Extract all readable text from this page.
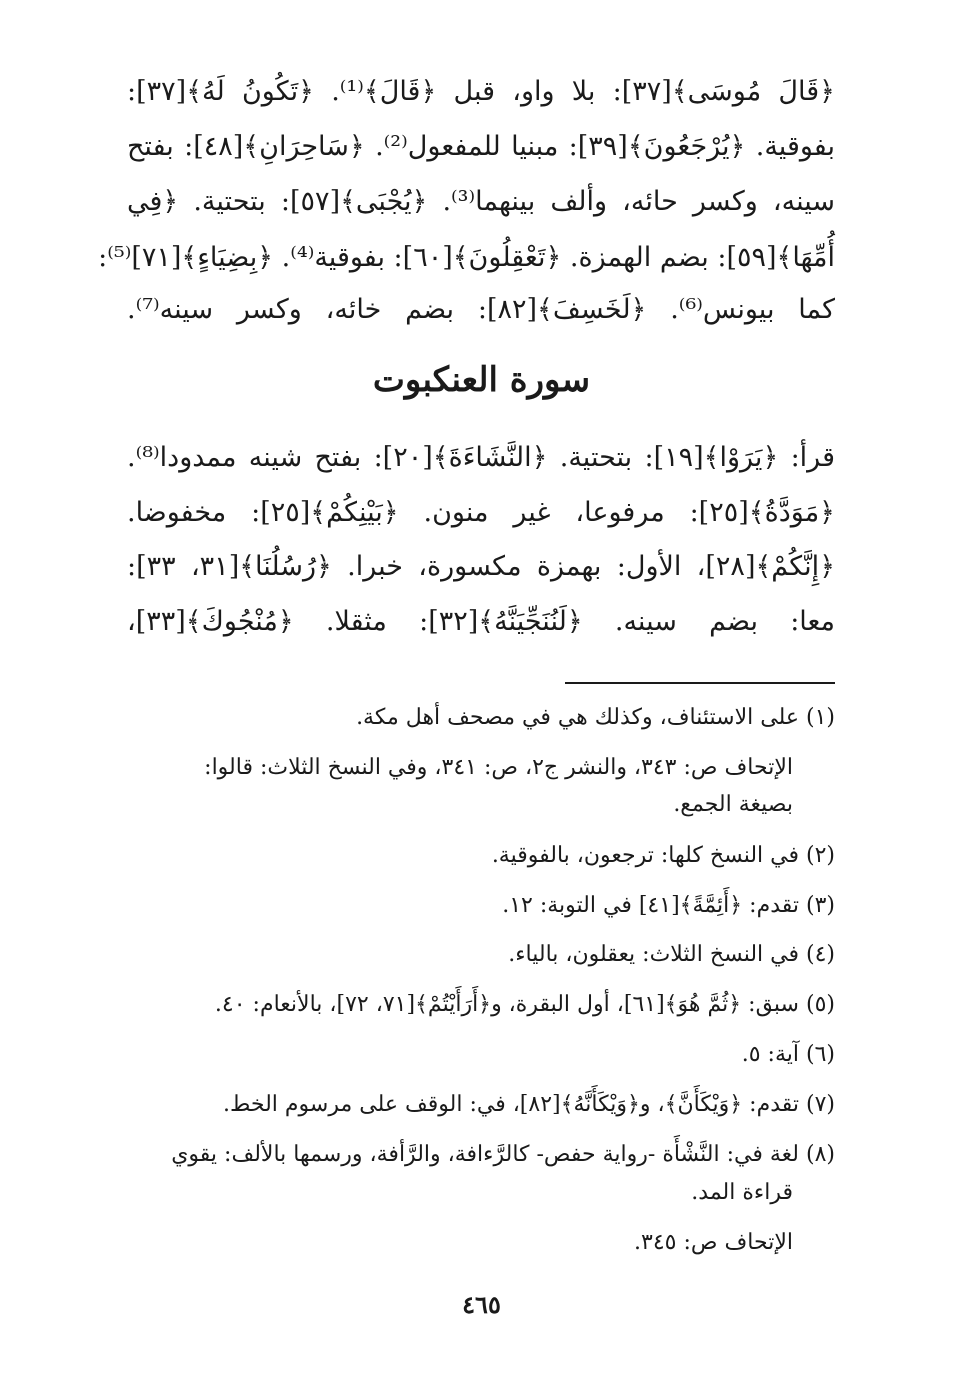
﴿قَالَ مُوسَى﴾[٣٧]: بلا واو، قبل ﴿قَالَ﴾⁽¹⁾. ﴿تَكُونُ لَهُ﴾[٣٧]:
بفوقية. ﴿يُرْجَعُونَ﴾[٣٩]: مبنيا للمفعول⁽²⁾. ﴿سَاحِرَانِ﴾[٤٨]: بفتح
سينه، وكسر حائه، وألف بينهما⁽³⁾. ﴿يُجْبَى﴾[٥٧]: بتحتية. ﴿فِي
أُمِّهَا﴾[٥٩]: بضم الهمزة. ﴿تَعْقِلُونَ﴾[٦٠]: بفوقية⁽⁴⁾. ﴿بِضِيَاءٍ﴾[٧١]⁽⁵⁾:
كما بيونس⁽⁶⁾. ﴿لَخَسِفَ﴾[٨٢]: بضم خائه، وكسر سينه⁽⁷⁾.
سورة العنكبوت
قرأ: ﴿يَرَوْا﴾[١٩]: بتحتية. ﴿النَّشَاءَةَ﴾[٢٠]: بفتح شينه ممدودا⁽⁸⁾.
﴿مَوَدَّةُ﴾[٢٥]: مرفوعا، غير منون. ﴿بَيْنِكُمْ﴾[٢٥]: مخفوضا.
﴿إِنَّكُمْ﴾[٢٨]، الأول: بهمزة مكسورة، خبرا. ﴿رُسُلُنَا﴾[٣١، ٣٣]:
معا: بضم سينه. ﴿لَنُنَجِّيَنَّهُ﴾[٣٢]: مثقلا. ﴿مُنْجُوكَ﴾[٣٣]،
(١) على الاستئناف، وكذلك هي في مصحف أهل مكة.
الإتحاف ص: ٣٤٣، والنشر ج٢، ص: ٣٤١، وفي النسخ الثلاث: قالوا:
بصيغة الجمع.
(٢) في النسخ كلها: ترجعون، بالفوقية.
(٣) تقدم: ﴿أَئِمَّةً﴾[٤١] في التوبة: ١٢.
(٤) في النسخ الثلاث: يعقلون، بالياء.
(٥) سبق: ﴿ثُمَّ هُوَ﴾[٦١]، أول البقرة، و﴿أَرَأَيْتُمْ﴾[٧١، ٧٢]، بالأنعام: ٤٠.
(٦) آية: ٥.
(٧) تقدم: ﴿وَيْكَأَنَّ﴾، و﴿وَيْكَأَنَّهُ﴾[٨٢]، في: الوقف على مرسوم الخط.
(٨) لغة في: النَّشْأَة -رواية حفص- كالرَّءافة، والرَّأفة، ورسمها بالألف: يقوي
قراءة المد.
الإتحاف ص: ٣٤٥.
٤٦٥
